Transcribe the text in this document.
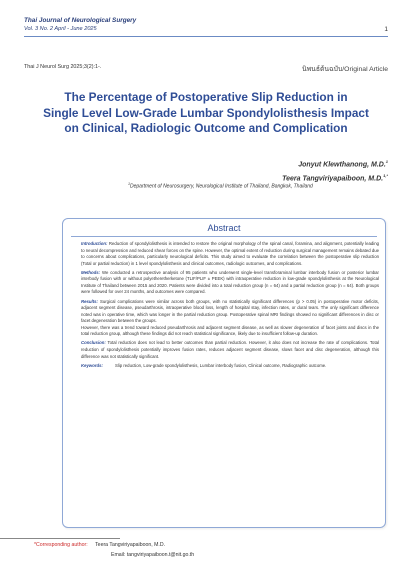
Thai Journal of Neurological Surgery
Vol. 3 No. 2 April - June 2025	1
Thai J Neurol Surg 2025;3(2):1-.	นิพนธ์ต้นฉบับ/Original Article
The Percentage of Postoperative Slip Reduction in
Single Level Low-Grade Lumbar Spondylolisthesis Impact
on Clinical, Radiologic Outcome and Complication
Jonyut Klewthanong, M.D.$^1$
Teera Tangviriyapaiboon, M.D.$^{1,*}$
$^1$Department of Neurosurgery, Neurological Institute of Thailand, Bangkok, Thailand
Abstract

Introduction: Reduction of spondylolisthesis is intended to restore the original morphology of the spinal canal, foramina, and alignment, potentially leading to neural decompression and reduced shear forces on the spine. However, the optimal extent of reduction during surgical management remains debated due to concerns about complications, particularly neurological deficits. This study aimed to evaluate the correlation between the postoperative slip reduction (Total or partial reduction) in 1 level spondylolisthesis and clinical outcomes, radiologic outcomes, and complications.

Methods: We conducted a retrospective analysis of 95 patients who underwent single-level transforaminal lumbar interbody fusion or posterior lumbar interbody fusion with or without polyetheretherketone (TLIF/PLIF ± PEEK) with intraoperative reduction in low-grade spondylolisthesis at the Neurological Institute of Thailand between 2015 and 2020. Patients were divided into a total reduction group (n = 64) and a partial reduction group (n = 64). Both groups were followed for over 24 months, and outcomes were compared.

Results: Surgical complications were similar across both groups, with no statistically significant differences (p > 0.05) in postoperative motor deficits, adjacent segment disease, pseudarthrosis, intraoperative blood loss, length of hospital stay, infection rates, or dural tears. The only significant difference noted was in operative time, which was longer in the partial reduction group. Postoperative spinal MRI findings showed no significant differences in disc or facet degeneration between the groups.
However, there was a trend toward reduced pseudarthrosis and adjacent segment disease, as well as slower degeneration of facet joints and discs in the total reduction group, although these findings did not reach statistical significance, likely due to insufficient follow-up duration.

Conclusion: Total reduction does not lead to better outcomes than partial reduction. However, it also does not increase the rate of complications. Total reduction of spondylolisthesis potentially improves fusion rates, reduces adjacent segment disease, slows facet and disc degeneration, although this difference was not statistically significant.

Keywords:	Slip reduction, Low-grade spondylolisthesis, Lumbar interbody fusion, Clinical outcome, Radiographic outcome.
*Corresponding author: Teera Tangviriyapaiboon, M.D.
Email: tangviriyapaiboon.t@nit.go.th
